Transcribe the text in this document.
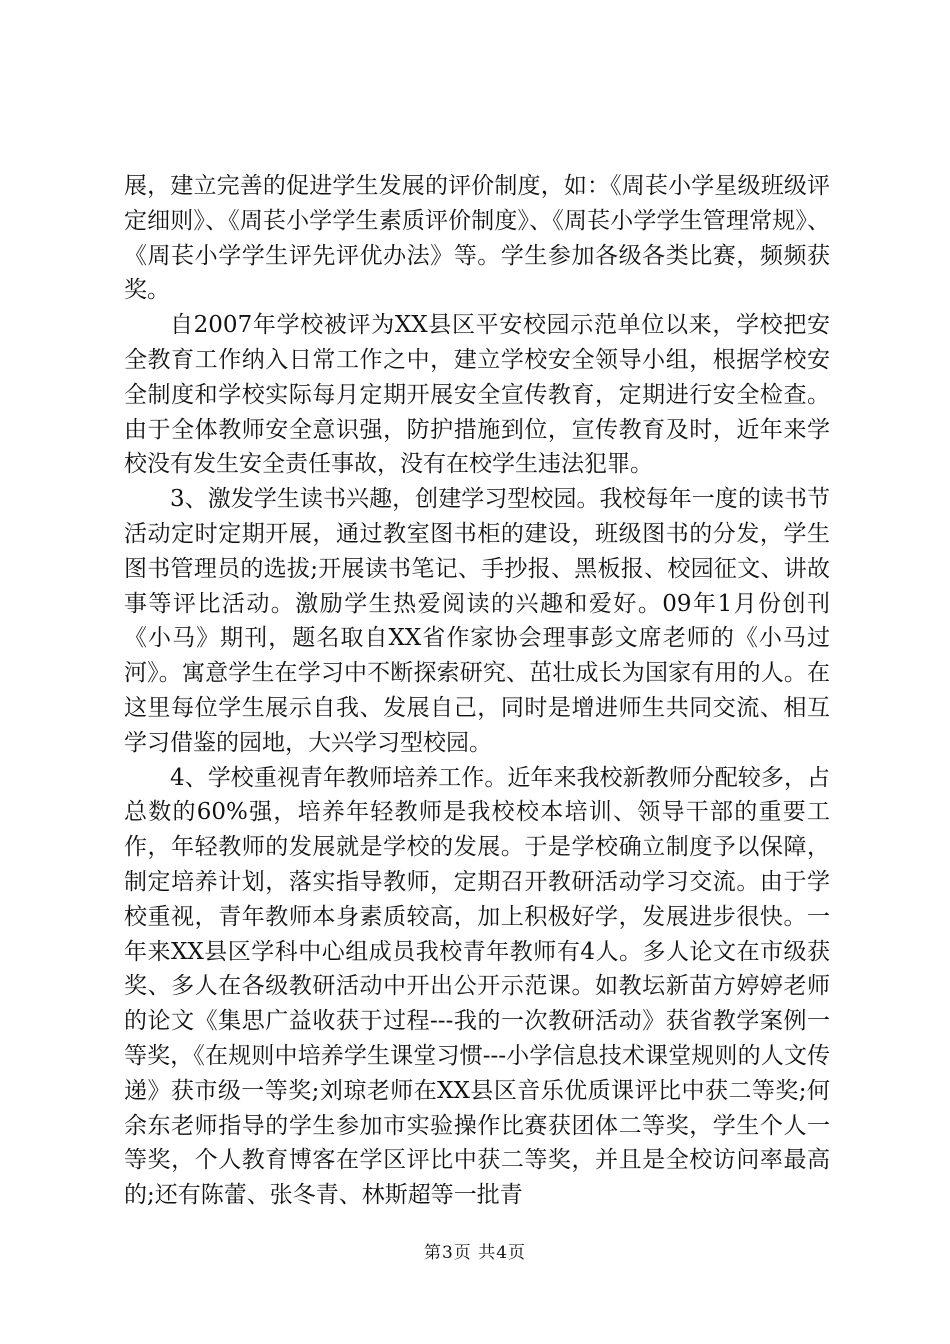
展，建立完善的促进学生发展的评价制度，如：《周苌小学星级班级评定细则》、《周苌小学学生素质评价制度》、《周苌小学学生管理常规》、《周苌小学学生评先评优办法》等。学生参加各级各类比赛，频频获奖。

自2007年学校被评为XX县区平安校园示范单位以来，学校把安全教育工作纳入日常工作之中，建立学校安全领导小组，根据学校安全制度和学校实际每月定期开展安全宣传教育，定期进行安全检查。由于全体教师安全意识强，防护措施到位，宣传教育及时，近年来学校没有发生安全责任事故，没有在校学生违法犯罪。

3、激发学生读书兴趣，创建学习型校园。我校每年一度的读书节活动定时定期开展，通过教室图书柜的建设，班级图书的分发，学生图书管理员的选拔;开展读书笔记、手抄报、黑板报、校园征文、讲故事等评比活动。激励学生热爱阅读的兴趣和爱好。09年1月份创刊《小马》期刊，题名取自XX省作家协会理事彭文席老师的《小马过河》。寓意学生在学习中不断探索研究、茁壮成长为国家有用的人。在这里每位学生展示自我、发展自己，同时是增进师生共同交流、相互学习借鉴的园地，大兴学习型校园。

4、学校重视青年教师培养工作。近年来我校新教师分配较多，占总数的60%强，培养年轻教师是我校校本培训、领导干部的重要工作，年轻教师的发展就是学校的发展。于是学校确立制度予以保障，制定培养计划，落实指导教师，定期召开教研活动学习交流。由于学校重视，青年教师本身素质较高，加上积极好学，发展进步很快。一年来XX县区学科中心组成员我校青年教师有4人。多人论文在市级获奖、多人在各级教研活动中开出公开示范课。如教坛新苗方婷婷老师的论文《集思广益收获于过程---我的一次教研活动》获省教学案例一等奖，《在规则中培养学生课堂习惯---小学信息技术课堂规则的人文传递》获市级一等奖;刘琼老师在XX县区音乐优质课评比中获二等奖;何余东老师指导的学生参加市实验操作比赛获团体二等奖，学生个人一等奖，个人教育博客在学区评比中获二等奖，并且是全校访问率最高的;还有陈蕾、张冬青、林斯超等一批青

第3页 共4页
